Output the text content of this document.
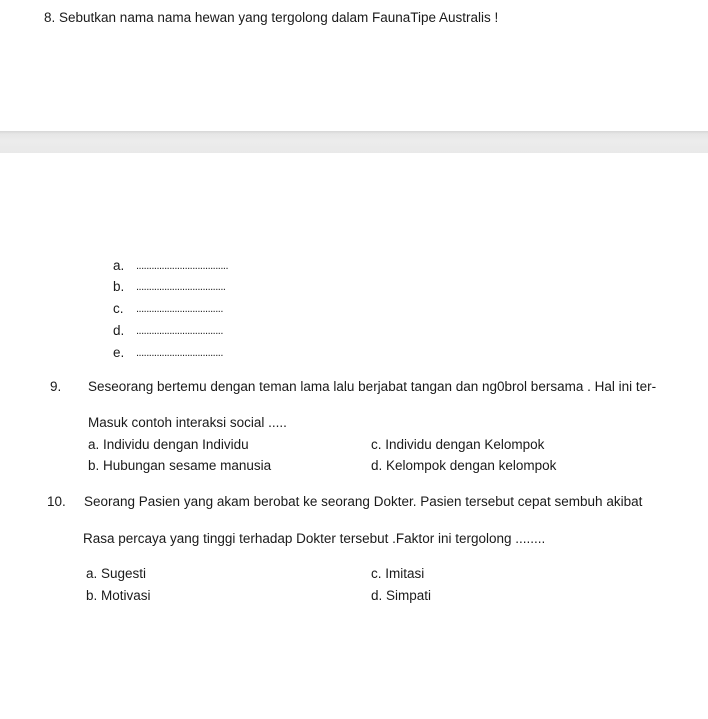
8. Sebutkan nama nama hewan yang tergolong dalam FaunaTipe Australis !
a. ....................................
b. ...................................
c. ..................................
d. ..................................
e. ..................................
9. Seseorang bertemu dengan teman lama lalu berjabat tangan dan ng0brol bersama . Hal ini ter-
Masuk contoh interaksi social .....
a. Individu dengan Individu
b. Hubungan sesame manusia
c. Individu dengan Kelompok
d. Kelompok dengan kelompok
10. Seorang Pasien yang akam berobat ke seorang Dokter. Pasien tersebut cepat sembuh akibat
Rasa percaya yang tinggi terhadap Dokter tersebut .Faktor ini tergolong ........
a. Sugesti
b. Motivasi
c. Imitasi
d. Simpati
